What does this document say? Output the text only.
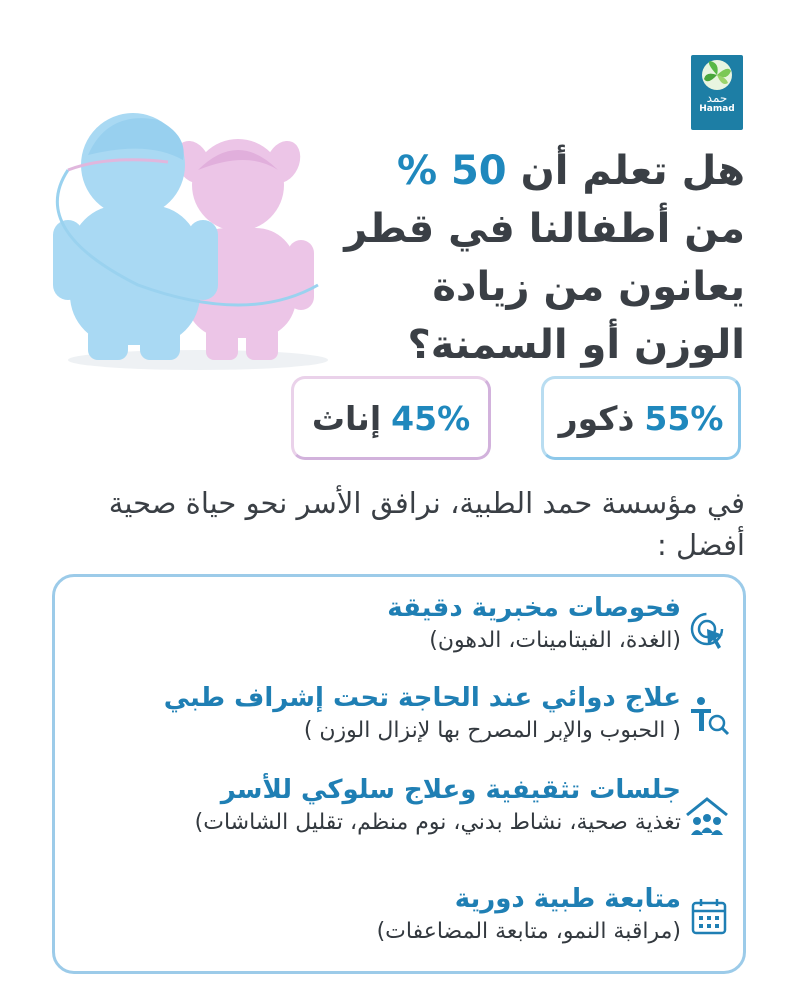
حمد
Hamad
هل تعلم أن 50 %
من أطفالنا في قطر
يعانون من زيادة
الوزن أو السمنة؟
55%
ذكور
45%
إناث
في مؤسسة حمد الطبية، نرافق الأسر نحو حياة صحية أفضل :
فحوصات مخبرية دقيقة
(الغدة، الفيتامينات، الدهون)
علاج دوائي عند الحاجة تحت إشراف طبي
( الحبوب والإبر المصرح بها لإنزال الوزن )
جلسات تثقيفية وعلاج سلوكي للأسر
تغذية صحية، نشاط بدني، نوم منظم، تقليل الشاشات)
متابعة طبية دورية
(مراقبة النمو، متابعة المضاعفات)
